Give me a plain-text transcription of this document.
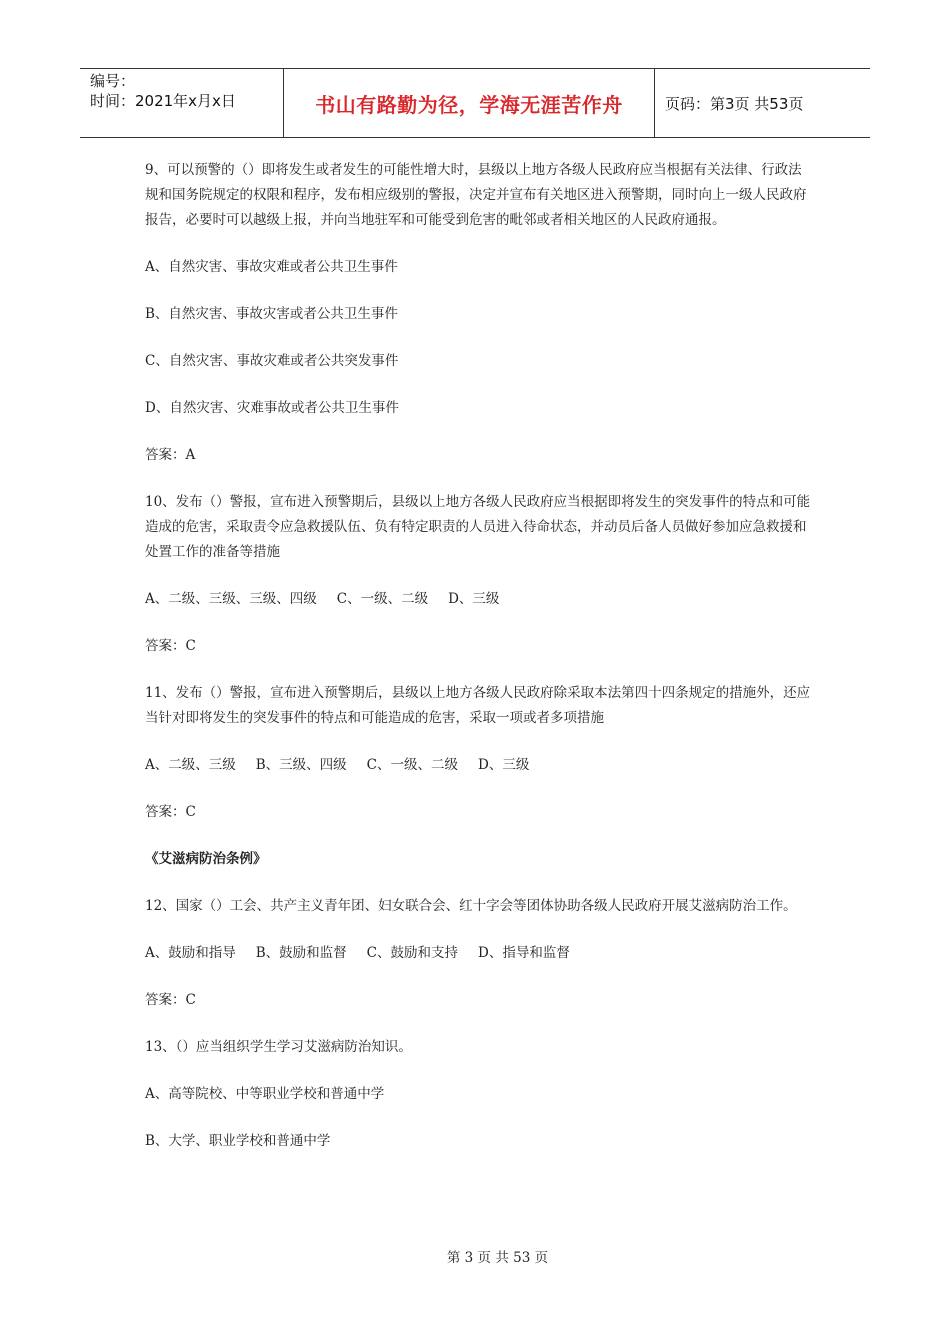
编号：
时间：2021年x月x日	书山有路勤为径，学海无涯苦作舟	页码：第3页 共53页

9、可以预警的（）即将发生或者发生的可能性增大时，县级以上地方各级人民政府应当根据有关法律、行政法规和国务院规定的权限和程序，发布相应级别的警报，决定并宣布有关地区进入预警期，同时向上一级人民政府报告，必要时可以越级上报，并向当地驻军和可能受到危害的毗邻或者相关地区的人民政府通报。

A、自然灾害、事故灾难或者公共卫生事件

B、自然灾害、事故灾害或者公共卫生事件

C、自然灾害、事故灾难或者公共突发事件

D、自然灾害、灾难事故或者公共卫生事件

答案：A

10、发布（）警报，宣布进入预警期后，县级以上地方各级人民政府应当根据即将发生的突发事件的特点和可能造成的危害，采取责令应急救援队伍、负有特定职责的人员进入待命状态，并动员后备人员做好参加应急救援和处置工作的准备等措施

A、二级、三级、三级、四级 C、一级、二级 D、三级

答案：C

11、发布（）警报，宣布进入预警期后，县级以上地方各级人民政府除采取本法第四十四条规定的措施外，还应当针对即将发生的突发事件的特点和可能造成的危害，采取一项或者多项措施

A、二级、三级 B、三级、四级 C、一级、二级 D、三级

答案：C

《艾滋病防治条例》

12、国家（）工会、共产主义青年团、妇女联合会、红十字会等团体协助各级人民政府开展艾滋病防治工作。

A、鼓励和指导 B、鼓励和监督 C、鼓励和支持 D、指导和监督

答案：C

13、（）应当组织学生学习艾滋病防治知识。

A、高等院校、中等职业学校和普通中学

B、大学、职业学校和普通中学

第 3 页 共 53 页
